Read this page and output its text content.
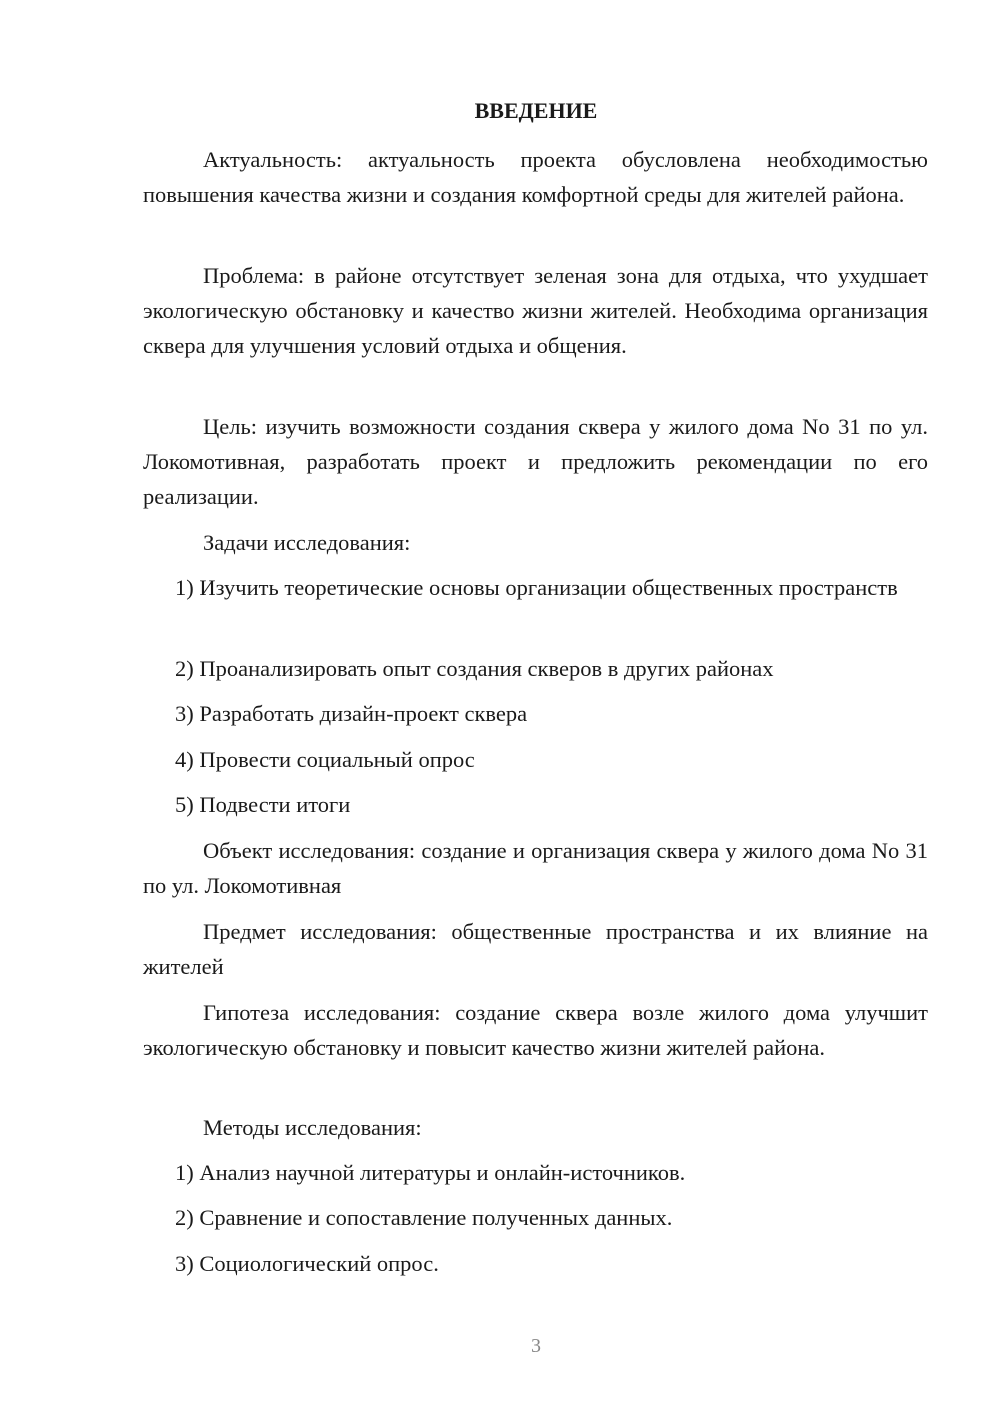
ВВЕДЕНИЕ
Актуальность: актуальность проекта обусловлена необходимостью повышения качества жизни и создания комфортной среды для жителей района.
Проблема: в районе отсутствует зеленая зона для отдыха, что ухудшает экологическую обстановку и качество жизни жителей. Необходима организация сквера для улучшения условий отдыха и общения.
Цель: изучить возможности создания сквера у жилого дома No 31 по ул. Локомотивная, разработать проект и предложить рекомендации по его реализации.
Задачи исследования:
1) Изучить теоретические основы организации общественных пространств
2) Проанализировать опыт создания скверов в других районах
3) Разработать дизайн-проект сквера
4) Провести социальный опрос
5) Подвести итоги
Объект исследования: создание и организация сквера у жилого дома No 31 по ул. Локомотивная
Предмет исследования: общественные пространства и их влияние на жителей
Гипотеза исследования: создание сквера возле жилого дома улучшит экологическую обстановку и повысит качество жизни жителей района.
Методы исследования:
1) Анализ научной литературы и онлайн-источников.
2) Сравнение и сопоставление полученных данных.
3) Социологический опрос.
3
